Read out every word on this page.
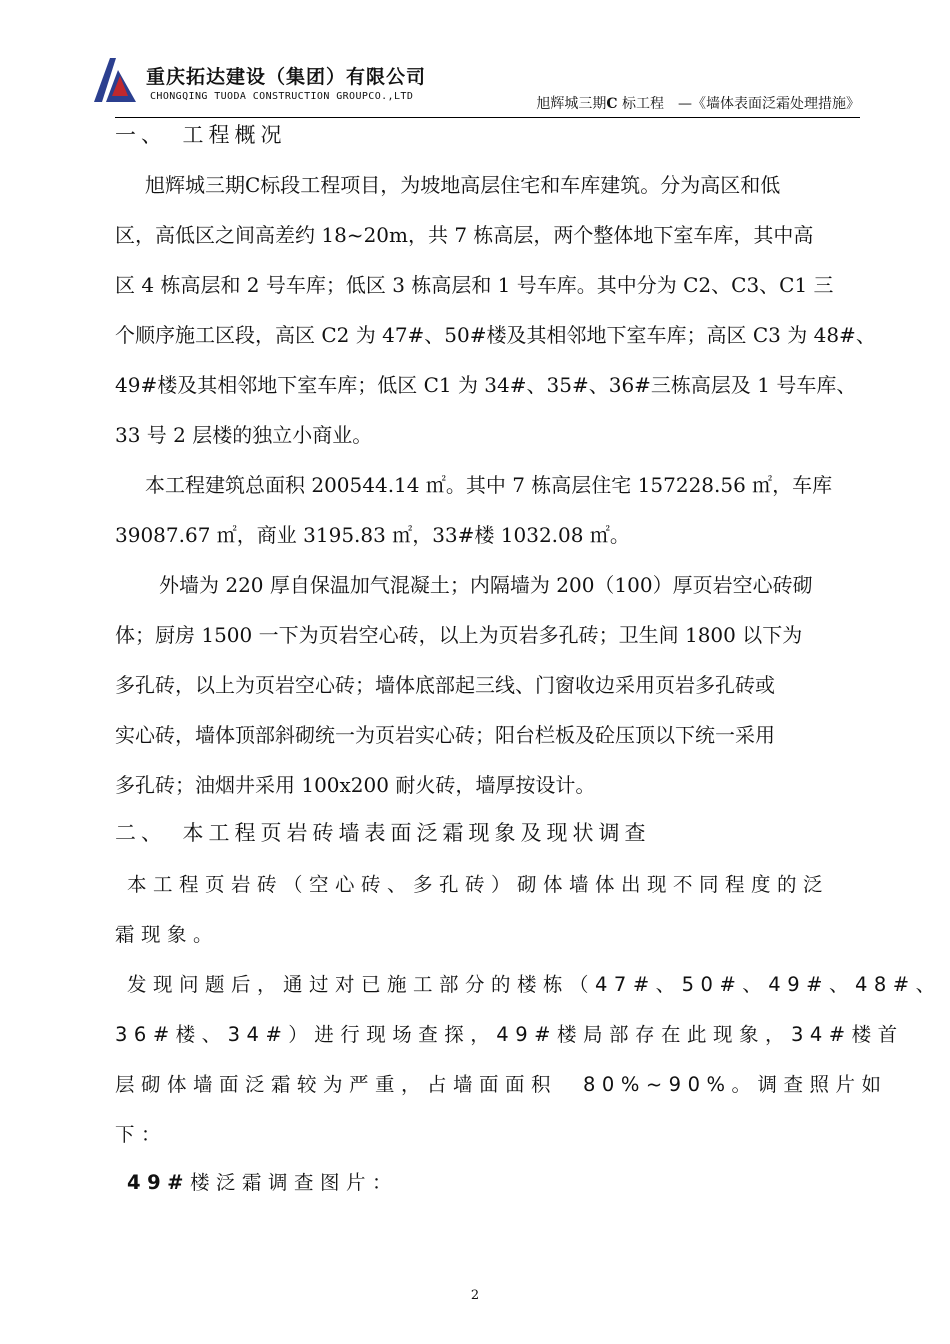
重庆拓达建设（集团）有限公司
CHONGQING TUODA CONSTRUCTION GROUPCO.,LTD	旭辉城三期C 标工程　—《墙体表面泛霜处理措施》
一、　工程概况
旭辉城三期C标段工程项目，为坡地高层住宅和车库建筑。分为高区和低
区，高低区之间高差约 18~20m，共 7 栋高层，两个整体地下室车库，其中高
区 4 栋高层和 2 号车库；低区 3 栋高层和 1 号车库。其中分为 C2、C3、C1 三
个顺序施工区段，高区 C2 为 47#、50#楼及其相邻地下室车库；高区 C3 为 48#、
49#楼及其相邻地下室车库；低区 C1 为 34#、35#、36#三栋高层及 1 号车库、
33 号 2 层楼的独立小商业。
本工程建筑总面积 200544.14 ㎡。其中 7 栋高层住宅 157228.56 ㎡，车库
39087.67 ㎡，商业 3195.83 ㎡，33#楼 1032.08 ㎡。
外墙为 220 厚自保温加气混凝土；内隔墙为 200（100）厚页岩空心砖砌
体；厨房 1500 一下为页岩空心砖，以上为页岩多孔砖；卫生间 1800 以下为
多孔砖，以上为页岩空心砖；墙体底部起三线、门窗收边采用页岩多孔砖或
实心砖，墙体顶部斜砌统一为页岩实心砖；阳台栏板及砼压顶以下统一采用
多孔砖；油烟井采用 100x200 耐火砖，墙厚按设计。
二、　本工程页岩砖墙表面泛霜现象及现状调查
本工程页岩砖（空心砖、多孔砖）砌体墙体出现不同程度的泛
霜现象。
发现问题后，通过对已施工部分的楼栋（47#、50#、49#、48#、
36#楼、34#）进行现场查探，49#楼局部存在此现象，34#楼首
层砌体墙面泛霜较为严重，占墙面面积　80%~90%。调查照片如
下：
49#楼泛霜调查图片：
2
